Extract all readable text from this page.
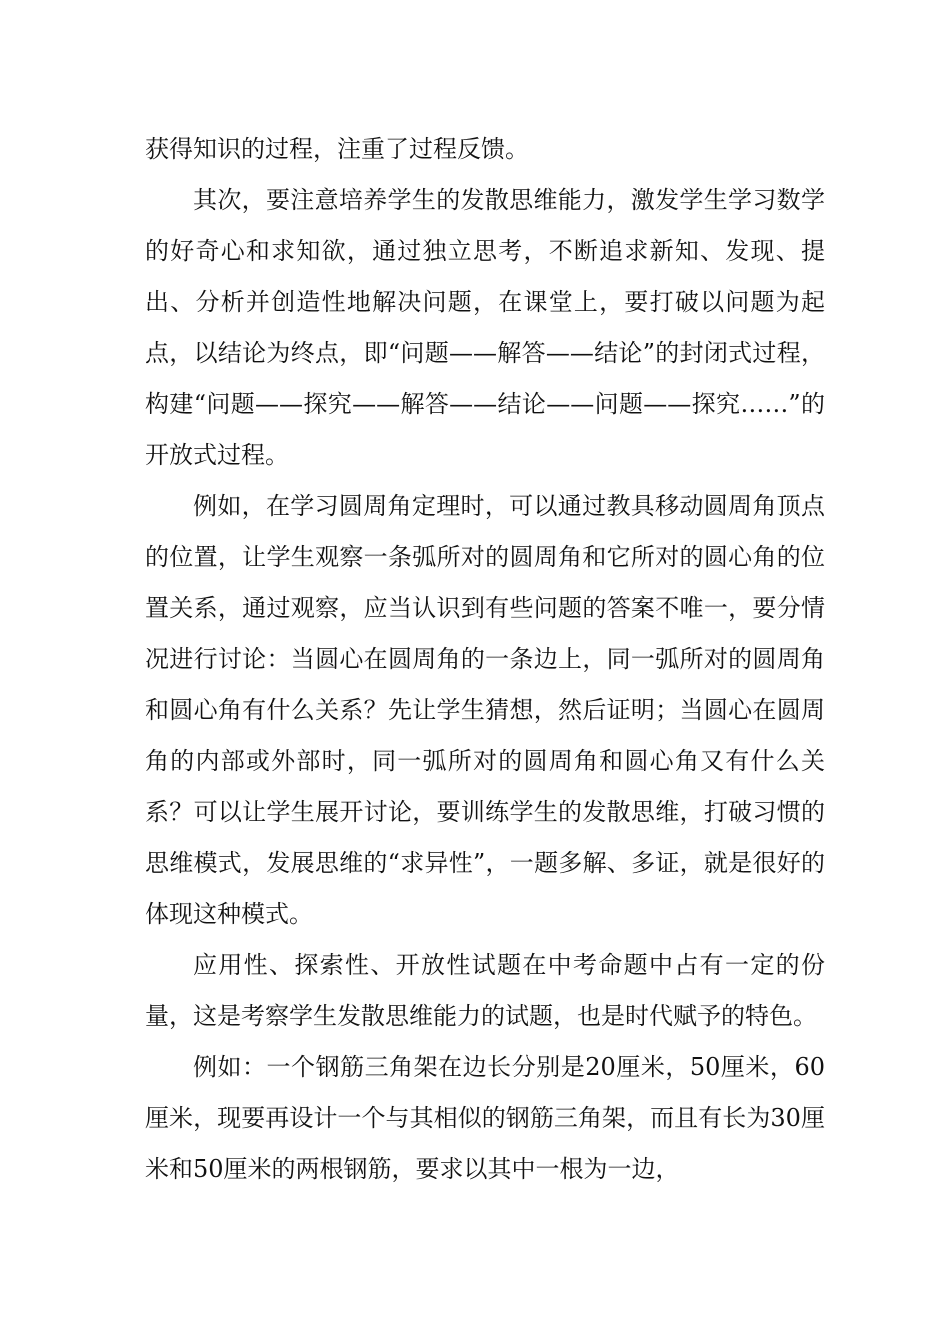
获得知识的过程，注重了过程反馈。

其次，要注意培养学生的发散思维能力，激发学生学习数学的好奇心和求知欲，通过独立思考，不断追求新知、发现、提出、分析并创造性地解决问题，在课堂上，要打破以问题为起点，以结论为终点，即“问题——解答——结论”的封闭式过程，构建“问题——探究——解答——结论——问题——探究……”的开放式过程。

例如，在学习圆周角定理时，可以通过教具移动圆周角顶点的位置，让学生观察一条弧所对的圆周角和它所对的圆心角的位置关系，通过观察，应当认识到有些问题的答案不唯一，要分情况进行讨论：当圆心在圆周角的一条边上，同一弧所对的圆周角和圆心角有什么关系？先让学生猜想，然后证明；当圆心在圆周角的内部或外部时，同一弧所对的圆周角和圆心角又有什么关系？可以让学生展开讨论，要训练学生的发散思维，打破习惯的思维模式，发展思维的“求异性”，一题多解、多证，就是很好的体现这种模式。

应用性、探索性、开放性试题在中考命题中占有一定的份量，这是考察学生发散思维能力的试题，也是时代赋予的特色。

例如：一个钢筋三角架在边长分别是20厘米，50厘米，60厘米，现要再设计一个与其相似的钢筋三角架，而且有长为30厘米和50厘米的两根钢筋，要求以其中一根为一边，
